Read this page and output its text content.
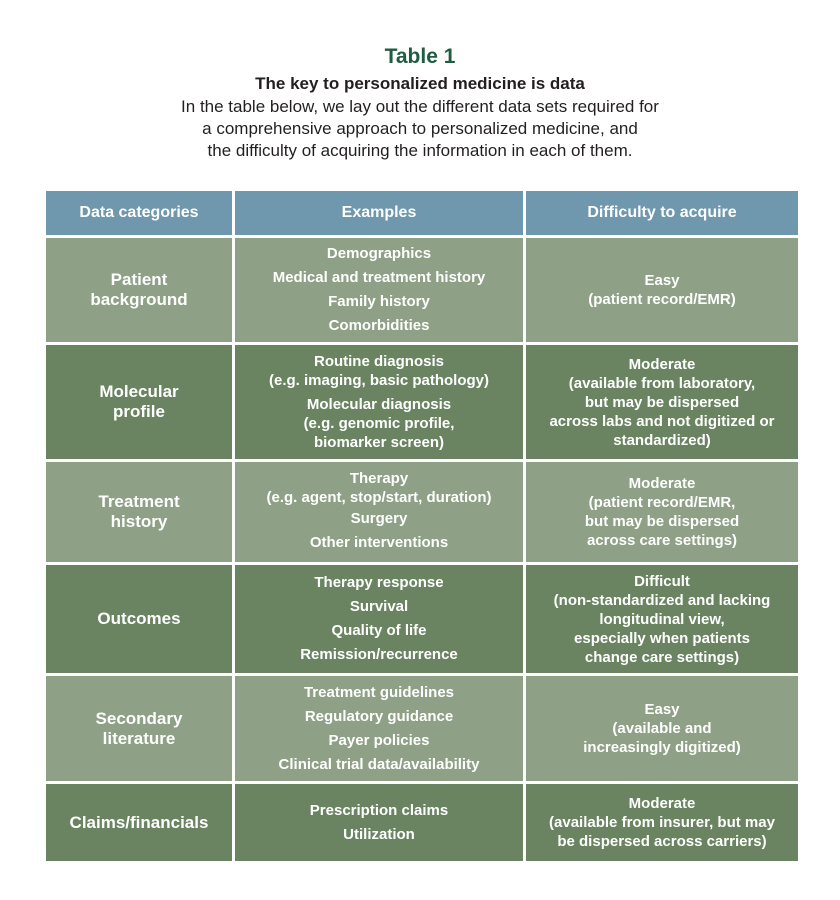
Table 1
The key to personalized medicine is data
In the table below, we lay out the different data sets required for
a comprehensive approach to personalized medicine, and
the difficulty of acquiring the information in each of them.
Data categories	Examples	Difficulty to acquire

Patient
background	Demographics
Medical and treatment history
Family history
Comorbidities	Easy
(patient record/EMR)

Molecular
profile	Routine diagnosis
(e.g. imaging, basic pathology)
Molecular diagnosis
(e.g. genomic profile,
biomarker screen)	Moderate
(available from laboratory,
but may be dispersed
across labs and not digitized or
standardized)

Treatment
history	Therapy
(e.g. agent, stop/start, duration)
Surgery
Other interventions	Moderate
(patient record/EMR,
but may be dispersed
across care settings)

Outcomes	Therapy response
Survival
Quality of life
Remission/recurrence	Difficult
(non-standardized and lacking
longitudinal view,
especially when patients
change care settings)

Secondary
literature	Treatment guidelines
Regulatory guidance
Payer policies
Clinical trial data/availability	Easy
(available and
increasingly digitized)

Claims/financials	Prescription claims
Utilization	Moderate
(available from insurer, but may
be dispersed across carriers)
